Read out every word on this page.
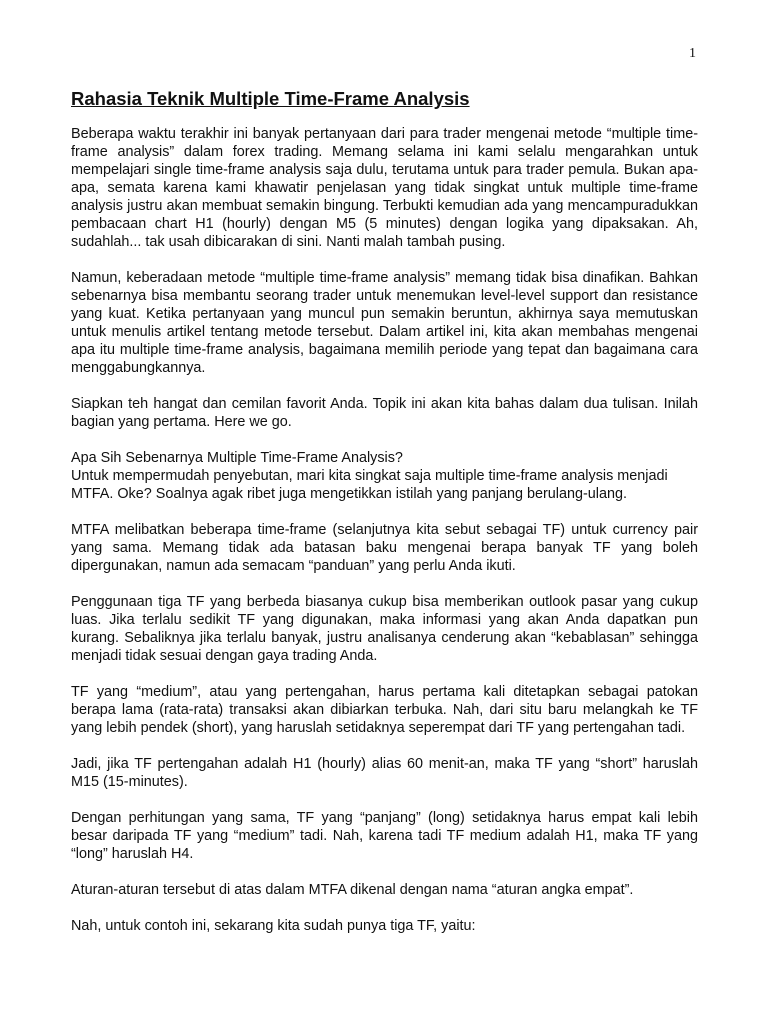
1
Rahasia Teknik Multiple Time-Frame Analysis

Beberapa waktu terakhir ini banyak pertanyaan dari para trader mengenai metode “multiple time-frame analysis” dalam forex trading. Memang selama ini kami selalu mengarahkan untuk mempelajari single time-frame analysis saja dulu, terutama untuk para trader pemula. Bukan apa-apa, semata karena kami khawatir penjelasan yang tidak singkat untuk multiple time-frame analysis justru akan membuat semakin bingung. Terbukti kemudian ada yang mencampuradukkan pembacaan chart H1 (hourly) dengan M5 (5 minutes) dengan logika yang dipaksakan. Ah, sudahlah... tak usah dibicarakan di sini. Nanti malah tambah pusing.

Namun, keberadaan metode “multiple time-frame analysis” memang tidak bisa dinafikan. Bahkan sebenarnya bisa membantu seorang trader untuk menemukan level-level support dan resistance yang kuat. Ketika pertanyaan yang muncul pun semakin beruntun, akhirnya saya memutuskan untuk menulis artikel tentang metode tersebut. Dalam artikel ini, kita akan membahas mengenai apa itu multiple time-frame analysis, bagaimana memilih periode yang tepat dan bagaimana cara menggabungkannya.

Siapkan teh hangat dan cemilan favorit Anda. Topik ini akan kita bahas dalam dua tulisan. Inilah bagian yang pertama. Here we go.

Apa Sih Sebenarnya Multiple Time-Frame Analysis?

Untuk mempermudah penyebutan, mari kita singkat saja multiple time-frame analysis menjadi MTFA. Oke? Soalnya agak ribet juga mengetikkan istilah yang panjang berulang-ulang.

MTFA melibatkan beberapa time-frame (selanjutnya kita sebut sebagai TF) untuk currency pair yang sama. Memang tidak ada batasan baku mengenai berapa banyak TF yang boleh dipergunakan, namun ada semacam “panduan” yang perlu Anda ikuti.

Penggunaan tiga TF yang berbeda biasanya cukup bisa memberikan outlook pasar yang cukup luas. Jika terlalu sedikit TF yang digunakan, maka informasi yang akan Anda dapatkan pun kurang. Sebaliknya jika terlalu banyak, justru analisanya cenderung akan “kebablasan” sehingga menjadi tidak sesuai dengan gaya trading Anda.

TF yang “medium”, atau yang pertengahan, harus pertama kali ditetapkan sebagai patokan berapa lama (rata-rata) transaksi akan dibiarkan terbuka. Nah, dari situ baru melangkah ke TF yang lebih pendek (short), yang haruslah setidaknya seperempat dari TF yang pertengahan tadi.

Jadi, jika TF pertengahan adalah H1 (hourly) alias 60 menit-an, maka TF yang “short” haruslah M15 (15-minutes).

Dengan perhitungan yang sama, TF yang “panjang” (long) setidaknya harus empat kali lebih besar daripada TF yang “medium” tadi. Nah, karena tadi TF medium adalah H1, maka TF yang “long” haruslah H4.

Aturan-aturan tersebut di atas dalam MTFA dikenal dengan nama “aturan angka empat”.

Nah, untuk contoh ini, sekarang kita sudah punya tiga TF, yaitu:
